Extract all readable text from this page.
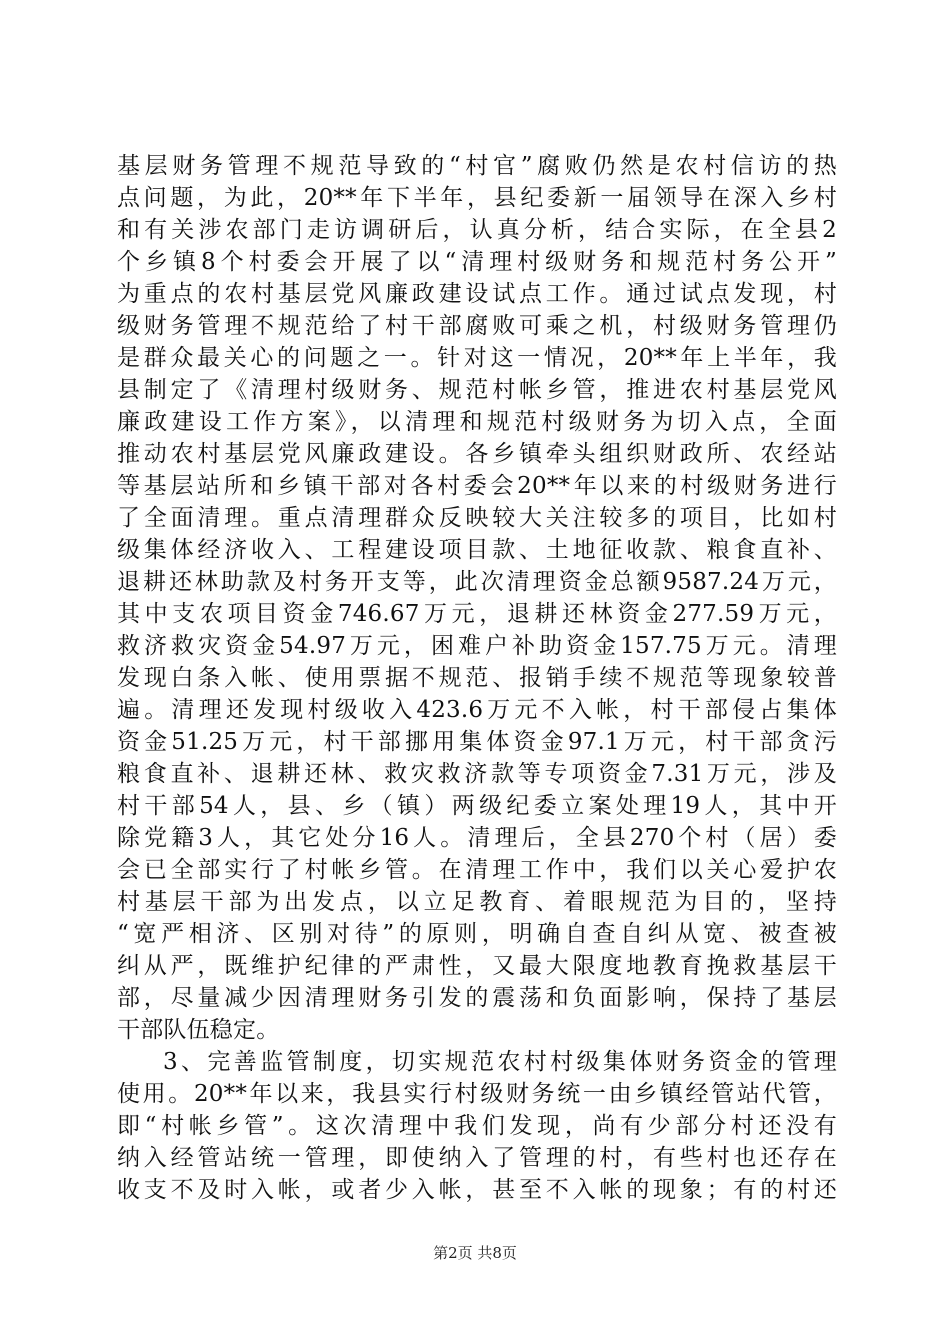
基层财务管理不规范导致的“村官”腐败仍然是农村信访的热
点问题，为此，20**年下半年，县纪委新一届领导在深入乡村
和有关涉农部门走访调研后，认真分析，结合实际，在全县2
个乡镇8个村委会开展了以“清理村级财务和规范村务公开”
为重点的农村基层党风廉政建设试点工作。通过试点发现，村
级财务管理不规范给了村干部腐败可乘之机，村级财务管理仍
是群众最关心的问题之一。针对这一情况，20**年上半年，我
县制定了《清理村级财务、规范村帐乡管，推进农村基层党风
廉政建设工作方案》，以清理和规范村级财务为切入点，全面
推动农村基层党风廉政建设。各乡镇牵头组织财政所、农经站
等基层站所和乡镇干部对各村委会20**年以来的村级财务进行
了全面清理。重点清理群众反映较大关注较多的项目，比如村
级集体经济收入、工程建设项目款、土地征收款、粮食直补、
退耕还林助款及村务开支等，此次清理资金总额9587.24万元，
其中支农项目资金746.67万元，退耕还林资金277.59万元，
救济救灾资金54.97万元，困难户补助资金157.75万元。清理
发现白条入帐、使用票据不规范、报销手续不规范等现象较普
遍。清理还发现村级收入423.6万元不入帐，村干部侵占集体
资金51.25万元，村干部挪用集体资金97.1万元，村干部贪污
粮食直补、退耕还林、救灾救济款等专项资金7.31万元，涉及
村干部54人，县、乡（镇）两级纪委立案处理19人，其中开
除党籍3人，其它处分16人。清理后，全县270个村（居）委
会已全部实行了村帐乡管。在清理工作中，我们以关心爱护农
村基层干部为出发点，以立足教育、着眼规范为目的，坚持
“宽严相济、区别对待”的原则，明确自查自纠从宽、被查被
纠从严，既维护纪律的严肃性，又最大限度地教育挽救基层干
部，尽量减少因清理财务引发的震荡和负面影响，保持了基层
干部队伍稳定。
3、完善监管制度，切实规范农村村级集体财务资金的管理
使用。20**年以来，我县实行村级财务统一由乡镇经管站代管，
即“村帐乡管”。这次清理中我们发现，尚有少部分村还没有
纳入经管站统一管理，即使纳入了管理的村，有些村也还存在
收支不及时入帐，或者少入帐，甚至不入帐的现象；有的村还
第2页 共8页
